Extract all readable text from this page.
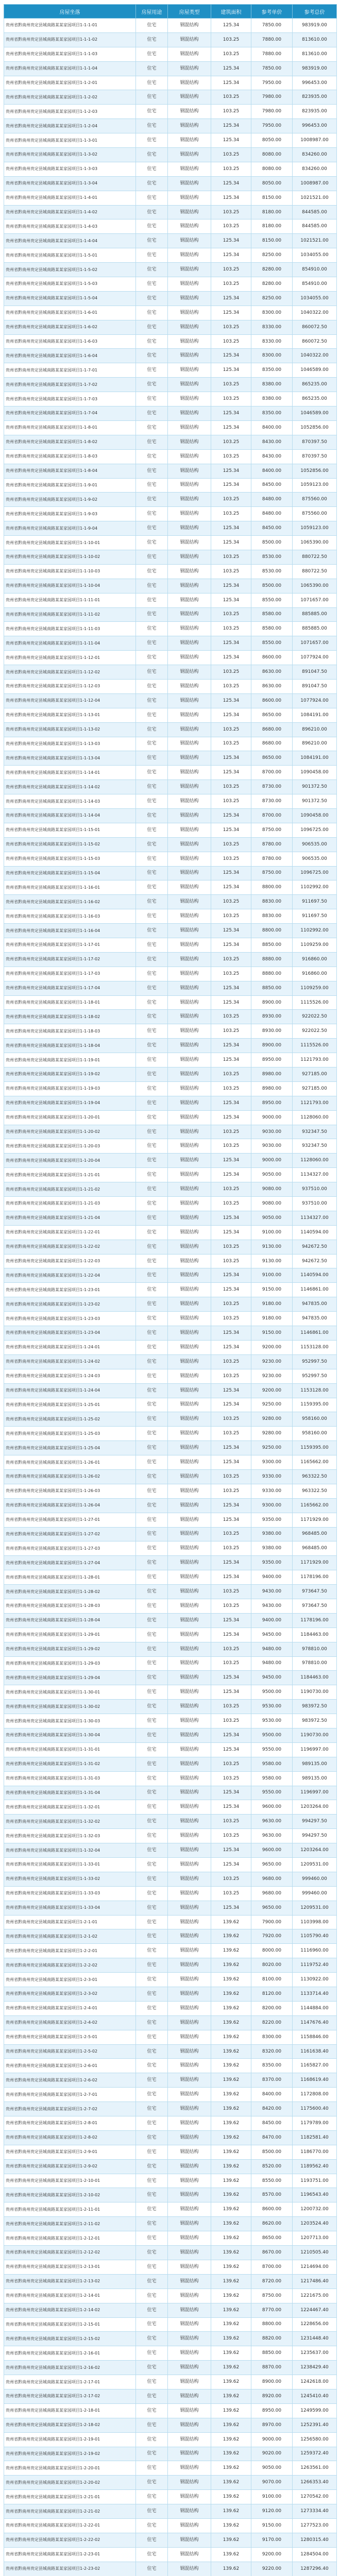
房屋坐落	房屋用途	房屋类型	建筑面积	参考单价	参考总价
贵州省黔南州贵定县城南路某某家园项目1-1-1-01	住宅	钢混结构	125.34	7850.00	983919.00
贵州省黔南州贵定县城南路某某家园项目1-1-1-02	住宅	钢混结构	103.25	7880.00	813610.00
贵州省黔南州贵定县城南路某某家园项目1-1-1-03	住宅	钢混结构	103.25	7880.00	813610.00
贵州省黔南州贵定县城南路某某家园项目1-1-1-04	住宅	钢混结构	125.34	7850.00	983919.00
贵州省黔南州贵定县城南路某某家园项目1-1-2-01	住宅	钢混结构	125.34	7950.00	996453.00
贵州省黔南州贵定县城南路某某家园项目1-1-2-02	住宅	钢混结构	103.25	7980.00	823935.00
贵州省黔南州贵定县城南路某某家园项目1-1-2-03	住宅	钢混结构	103.25	7980.00	823935.00
贵州省黔南州贵定县城南路某某家园项目1-1-2-04	住宅	钢混结构	125.34	7950.00	996453.00
贵州省黔南州贵定县城南路某某家园项目1-1-3-01	住宅	钢混结构	125.34	8050.00	1008987.00
贵州省黔南州贵定县城南路某某家园项目1-1-3-02	住宅	钢混结构	103.25	8080.00	834260.00
贵州省黔南州贵定县城南路某某家园项目1-1-3-03	住宅	钢混结构	103.25	8080.00	834260.00
贵州省黔南州贵定县城南路某某家园项目1-1-3-04	住宅	钢混结构	125.34	8050.00	1008987.00
贵州省黔南州贵定县城南路某某家园项目1-1-4-01	住宅	钢混结构	125.34	8150.00	1021521.00
贵州省黔南州贵定县城南路某某家园项目1-1-4-02	住宅	钢混结构	103.25	8180.00	844585.00
贵州省黔南州贵定县城南路某某家园项目1-1-4-03	住宅	钢混结构	103.25	8180.00	844585.00
贵州省黔南州贵定县城南路某某家园项目1-1-4-04	住宅	钢混结构	125.34	8150.00	1021521.00
贵州省黔南州贵定县城南路某某家园项目1-1-5-01	住宅	钢混结构	125.34	8250.00	1034055.00
贵州省黔南州贵定县城南路某某家园项目1-1-5-02	住宅	钢混结构	103.25	8280.00	854910.00
贵州省黔南州贵定县城南路某某家园项目1-1-5-03	住宅	钢混结构	103.25	8280.00	854910.00
贵州省黔南州贵定县城南路某某家园项目1-1-5-04	住宅	钢混结构	125.34	8250.00	1034055.00
贵州省黔南州贵定县城南路某某家园项目1-1-6-01	住宅	钢混结构	125.34	8300.00	1040322.00
贵州省黔南州贵定县城南路某某家园项目1-1-6-02	住宅	钢混结构	103.25	8330.00	860072.50
贵州省黔南州贵定县城南路某某家园项目1-1-6-03	住宅	钢混结构	103.25	8330.00	860072.50
贵州省黔南州贵定县城南路某某家园项目1-1-6-04	住宅	钢混结构	125.34	8300.00	1040322.00
贵州省黔南州贵定县城南路某某家园项目1-1-7-01	住宅	钢混结构	125.34	8350.00	1046589.00
贵州省黔南州贵定县城南路某某家园项目1-1-7-02	住宅	钢混结构	103.25	8380.00	865235.00
贵州省黔南州贵定县城南路某某家园项目1-1-7-03	住宅	钢混结构	103.25	8380.00	865235.00
贵州省黔南州贵定县城南路某某家园项目1-1-7-04	住宅	钢混结构	125.34	8350.00	1046589.00
贵州省黔南州贵定县城南路某某家园项目1-1-8-01	住宅	钢混结构	125.34	8400.00	1052856.00
贵州省黔南州贵定县城南路某某家园项目1-1-8-02	住宅	钢混结构	103.25	8430.00	870397.50
贵州省黔南州贵定县城南路某某家园项目1-1-8-03	住宅	钢混结构	103.25	8430.00	870397.50
贵州省黔南州贵定县城南路某某家园项目1-1-8-04	住宅	钢混结构	125.34	8400.00	1052856.00
贵州省黔南州贵定县城南路某某家园项目1-1-9-01	住宅	钢混结构	125.34	8450.00	1059123.00
贵州省黔南州贵定县城南路某某家园项目1-1-9-02	住宅	钢混结构	103.25	8480.00	875560.00
贵州省黔南州贵定县城南路某某家园项目1-1-9-03	住宅	钢混结构	103.25	8480.00	875560.00
贵州省黔南州贵定县城南路某某家园项目1-1-9-04	住宅	钢混结构	125.34	8450.00	1059123.00
贵州省黔南州贵定县城南路某某家园项目1-1-10-01	住宅	钢混结构	125.34	8500.00	1065390.00
贵州省黔南州贵定县城南路某某家园项目1-1-10-02	住宅	钢混结构	103.25	8530.00	880722.50
贵州省黔南州贵定县城南路某某家园项目1-1-10-03	住宅	钢混结构	103.25	8530.00	880722.50
贵州省黔南州贵定县城南路某某家园项目1-1-10-04	住宅	钢混结构	125.34	8500.00	1065390.00
贵州省黔南州贵定县城南路某某家园项目1-1-11-01	住宅	钢混结构	125.34	8550.00	1071657.00
贵州省黔南州贵定县城南路某某家园项目1-1-11-02	住宅	钢混结构	103.25	8580.00	885885.00
贵州省黔南州贵定县城南路某某家园项目1-1-11-03	住宅	钢混结构	103.25	8580.00	885885.00
贵州省黔南州贵定县城南路某某家园项目1-1-11-04	住宅	钢混结构	125.34	8550.00	1071657.00
贵州省黔南州贵定县城南路某某家园项目1-1-12-01	住宅	钢混结构	125.34	8600.00	1077924.00
贵州省黔南州贵定县城南路某某家园项目1-1-12-02	住宅	钢混结构	103.25	8630.00	891047.50
贵州省黔南州贵定县城南路某某家园项目1-1-12-03	住宅	钢混结构	103.25	8630.00	891047.50
贵州省黔南州贵定县城南路某某家园项目1-1-12-04	住宅	钢混结构	125.34	8600.00	1077924.00
贵州省黔南州贵定县城南路某某家园项目1-1-13-01	住宅	钢混结构	125.34	8650.00	1084191.00
贵州省黔南州贵定县城南路某某家园项目1-1-13-02	住宅	钢混结构	103.25	8680.00	896210.00
贵州省黔南州贵定县城南路某某家园项目1-1-13-03	住宅	钢混结构	103.25	8680.00	896210.00
贵州省黔南州贵定县城南路某某家园项目1-1-13-04	住宅	钢混结构	125.34	8650.00	1084191.00
贵州省黔南州贵定县城南路某某家园项目1-1-14-01	住宅	钢混结构	125.34	8700.00	1090458.00
贵州省黔南州贵定县城南路某某家园项目1-1-14-02	住宅	钢混结构	103.25	8730.00	901372.50
贵州省黔南州贵定县城南路某某家园项目1-1-14-03	住宅	钢混结构	103.25	8730.00	901372.50
贵州省黔南州贵定县城南路某某家园项目1-1-14-04	住宅	钢混结构	125.34	8700.00	1090458.00
贵州省黔南州贵定县城南路某某家园项目1-1-15-01	住宅	钢混结构	125.34	8750.00	1096725.00
贵州省黔南州贵定县城南路某某家园项目1-1-15-02	住宅	钢混结构	103.25	8780.00	906535.00
贵州省黔南州贵定县城南路某某家园项目1-1-15-03	住宅	钢混结构	103.25	8780.00	906535.00
贵州省黔南州贵定县城南路某某家园项目1-1-15-04	住宅	钢混结构	125.34	8750.00	1096725.00
贵州省黔南州贵定县城南路某某家园项目1-1-16-01	住宅	钢混结构	125.34	8800.00	1102992.00
贵州省黔南州贵定县城南路某某家园项目1-1-16-02	住宅	钢混结构	103.25	8830.00	911697.50
贵州省黔南州贵定县城南路某某家园项目1-1-16-03	住宅	钢混结构	103.25	8830.00	911697.50
贵州省黔南州贵定县城南路某某家园项目1-1-16-04	住宅	钢混结构	125.34	8800.00	1102992.00
贵州省黔南州贵定县城南路某某家园项目1-1-17-01	住宅	钢混结构	125.34	8850.00	1109259.00
贵州省黔南州贵定县城南路某某家园项目1-1-17-02	住宅	钢混结构	103.25	8880.00	916860.00
贵州省黔南州贵定县城南路某某家园项目1-1-17-03	住宅	钢混结构	103.25	8880.00	916860.00
贵州省黔南州贵定县城南路某某家园项目1-1-17-04	住宅	钢混结构	125.34	8850.00	1109259.00
贵州省黔南州贵定县城南路某某家园项目1-1-18-01	住宅	钢混结构	125.34	8900.00	1115526.00
贵州省黔南州贵定县城南路某某家园项目1-1-18-02	住宅	钢混结构	103.25	8930.00	922022.50
贵州省黔南州贵定县城南路某某家园项目1-1-18-03	住宅	钢混结构	103.25	8930.00	922022.50
贵州省黔南州贵定县城南路某某家园项目1-1-18-04	住宅	钢混结构	125.34	8900.00	1115526.00
贵州省黔南州贵定县城南路某某家园项目1-1-19-01	住宅	钢混结构	125.34	8950.00	1121793.00
贵州省黔南州贵定县城南路某某家园项目1-1-19-02	住宅	钢混结构	103.25	8980.00	927185.00
贵州省黔南州贵定县城南路某某家园项目1-1-19-03	住宅	钢混结构	103.25	8980.00	927185.00
贵州省黔南州贵定县城南路某某家园项目1-1-19-04	住宅	钢混结构	125.34	8950.00	1121793.00
贵州省黔南州贵定县城南路某某家园项目1-1-20-01	住宅	钢混结构	125.34	9000.00	1128060.00
贵州省黔南州贵定县城南路某某家园项目1-1-20-02	住宅	钢混结构	103.25	9030.00	932347.50
贵州省黔南州贵定县城南路某某家园项目1-1-20-03	住宅	钢混结构	103.25	9030.00	932347.50
贵州省黔南州贵定县城南路某某家园项目1-1-20-04	住宅	钢混结构	125.34	9000.00	1128060.00
贵州省黔南州贵定县城南路某某家园项目1-1-21-01	住宅	钢混结构	125.34	9050.00	1134327.00
贵州省黔南州贵定县城南路某某家园项目1-1-21-02	住宅	钢混结构	103.25	9080.00	937510.00
贵州省黔南州贵定县城南路某某家园项目1-1-21-03	住宅	钢混结构	103.25	9080.00	937510.00
贵州省黔南州贵定县城南路某某家园项目1-1-21-04	住宅	钢混结构	125.34	9050.00	1134327.00
贵州省黔南州贵定县城南路某某家园项目1-1-22-01	住宅	钢混结构	125.34	9100.00	1140594.00
贵州省黔南州贵定县城南路某某家园项目1-1-22-02	住宅	钢混结构	103.25	9130.00	942672.50
贵州省黔南州贵定县城南路某某家园项目1-1-22-03	住宅	钢混结构	103.25	9130.00	942672.50
贵州省黔南州贵定县城南路某某家园项目1-1-22-04	住宅	钢混结构	125.34	9100.00	1140594.00
贵州省黔南州贵定县城南路某某家园项目1-1-23-01	住宅	钢混结构	125.34	9150.00	1146861.00
贵州省黔南州贵定县城南路某某家园项目1-1-23-02	住宅	钢混结构	103.25	9180.00	947835.00
贵州省黔南州贵定县城南路某某家园项目1-1-23-03	住宅	钢混结构	103.25	9180.00	947835.00
贵州省黔南州贵定县城南路某某家园项目1-1-23-04	住宅	钢混结构	125.34	9150.00	1146861.00
贵州省黔南州贵定县城南路某某家园项目1-1-24-01	住宅	钢混结构	125.34	9200.00	1153128.00
贵州省黔南州贵定县城南路某某家园项目1-1-24-02	住宅	钢混结构	103.25	9230.00	952997.50
贵州省黔南州贵定县城南路某某家园项目1-1-24-03	住宅	钢混结构	103.25	9230.00	952997.50
贵州省黔南州贵定县城南路某某家园项目1-1-24-04	住宅	钢混结构	125.34	9200.00	1153128.00
贵州省黔南州贵定县城南路某某家园项目1-1-25-01	住宅	钢混结构	125.34	9250.00	1159395.00
贵州省黔南州贵定县城南路某某家园项目1-1-25-02	住宅	钢混结构	103.25	9280.00	958160.00
贵州省黔南州贵定县城南路某某家园项目1-1-25-03	住宅	钢混结构	103.25	9280.00	958160.00
贵州省黔南州贵定县城南路某某家园项目1-1-25-04	住宅	钢混结构	125.34	9250.00	1159395.00
贵州省黔南州贵定县城南路某某家园项目1-1-26-01	住宅	钢混结构	125.34	9300.00	1165662.00
贵州省黔南州贵定县城南路某某家园项目1-1-26-02	住宅	钢混结构	103.25	9330.00	963322.50
贵州省黔南州贵定县城南路某某家园项目1-1-26-03	住宅	钢混结构	103.25	9330.00	963322.50
贵州省黔南州贵定县城南路某某家园项目1-1-26-04	住宅	钢混结构	125.34	9300.00	1165662.00
贵州省黔南州贵定县城南路某某家园项目1-1-27-01	住宅	钢混结构	125.34	9350.00	1171929.00
贵州省黔南州贵定县城南路某某家园项目1-1-27-02	住宅	钢混结构	103.25	9380.00	968485.00
贵州省黔南州贵定县城南路某某家园项目1-1-27-03	住宅	钢混结构	103.25	9380.00	968485.00
贵州省黔南州贵定县城南路某某家园项目1-1-27-04	住宅	钢混结构	125.34	9350.00	1171929.00
贵州省黔南州贵定县城南路某某家园项目1-1-28-01	住宅	钢混结构	125.34	9400.00	1178196.00
贵州省黔南州贵定县城南路某某家园项目1-1-28-02	住宅	钢混结构	103.25	9430.00	973647.50
贵州省黔南州贵定县城南路某某家园项目1-1-28-03	住宅	钢混结构	103.25	9430.00	973647.50
贵州省黔南州贵定县城南路某某家园项目1-1-28-04	住宅	钢混结构	125.34	9400.00	1178196.00
贵州省黔南州贵定县城南路某某家园项目1-1-29-01	住宅	钢混结构	125.34	9450.00	1184463.00
贵州省黔南州贵定县城南路某某家园项目1-1-29-02	住宅	钢混结构	103.25	9480.00	978810.00
贵州省黔南州贵定县城南路某某家园项目1-1-29-03	住宅	钢混结构	103.25	9480.00	978810.00
贵州省黔南州贵定县城南路某某家园项目1-1-29-04	住宅	钢混结构	125.34	9450.00	1184463.00
贵州省黔南州贵定县城南路某某家园项目1-1-30-01	住宅	钢混结构	125.34	9500.00	1190730.00
贵州省黔南州贵定县城南路某某家园项目1-1-30-02	住宅	钢混结构	103.25	9530.00	983972.50
贵州省黔南州贵定县城南路某某家园项目1-1-30-03	住宅	钢混结构	103.25	9530.00	983972.50
贵州省黔南州贵定县城南路某某家园项目1-1-30-04	住宅	钢混结构	125.34	9500.00	1190730.00
贵州省黔南州贵定县城南路某某家园项目1-1-31-01	住宅	钢混结构	125.34	9550.00	1196997.00
贵州省黔南州贵定县城南路某某家园项目1-1-31-02	住宅	钢混结构	103.25	9580.00	989135.00
贵州省黔南州贵定县城南路某某家园项目1-1-31-03	住宅	钢混结构	103.25	9580.00	989135.00
贵州省黔南州贵定县城南路某某家园项目1-1-31-04	住宅	钢混结构	125.34	9550.00	1196997.00
贵州省黔南州贵定县城南路某某家园项目1-1-32-01	住宅	钢混结构	125.34	9600.00	1203264.00
贵州省黔南州贵定县城南路某某家园项目1-1-32-02	住宅	钢混结构	103.25	9630.00	994297.50
贵州省黔南州贵定县城南路某某家园项目1-1-32-03	住宅	钢混结构	103.25	9630.00	994297.50
贵州省黔南州贵定县城南路某某家园项目1-1-32-04	住宅	钢混结构	125.34	9600.00	1203264.00
贵州省黔南州贵定县城南路某某家园项目1-1-33-01	住宅	钢混结构	125.34	9650.00	1209531.00
贵州省黔南州贵定县城南路某某家园项目1-1-33-02	住宅	钢混结构	103.25	9680.00	999460.00
贵州省黔南州贵定县城南路某某家园项目1-1-33-03	住宅	钢混结构	103.25	9680.00	999460.00
贵州省黔南州贵定县城南路某某家园项目1-1-33-04	住宅	钢混结构	125.34	9650.00	1209531.00
贵州省黔南州贵定县城南路某某家园项目1-2-1-01	住宅	钢混结构	139.62	7900.00	1103998.00
贵州省黔南州贵定县城南路某某家园项目1-2-1-02	住宅	钢混结构	139.62	7920.00	1105790.40
贵州省黔南州贵定县城南路某某家园项目1-2-2-01	住宅	钢混结构	139.62	8000.00	1116960.00
贵州省黔南州贵定县城南路某某家园项目1-2-2-02	住宅	钢混结构	139.62	8020.00	1119752.40
贵州省黔南州贵定县城南路某某家园项目1-2-3-01	住宅	钢混结构	139.62	8100.00	1130922.00
贵州省黔南州贵定县城南路某某家园项目1-2-3-02	住宅	钢混结构	139.62	8120.00	1133714.40
贵州省黔南州贵定县城南路某某家园项目1-2-4-01	住宅	钢混结构	139.62	8200.00	1144884.00
贵州省黔南州贵定县城南路某某家园项目1-2-4-02	住宅	钢混结构	139.62	8220.00	1147676.40
贵州省黔南州贵定县城南路某某家园项目1-2-5-01	住宅	钢混结构	139.62	8300.00	1158846.00
贵州省黔南州贵定县城南路某某家园项目1-2-5-02	住宅	钢混结构	139.62	8320.00	1161638.40
贵州省黔南州贵定县城南路某某家园项目1-2-6-01	住宅	钢混结构	139.62	8350.00	1165827.00
贵州省黔南州贵定县城南路某某家园项目1-2-6-02	住宅	钢混结构	139.62	8370.00	1168619.40
贵州省黔南州贵定县城南路某某家园项目1-2-7-01	住宅	钢混结构	139.62	8400.00	1172808.00
贵州省黔南州贵定县城南路某某家园项目1-2-7-02	住宅	钢混结构	139.62	8420.00	1175600.40
贵州省黔南州贵定县城南路某某家园项目1-2-8-01	住宅	钢混结构	139.62	8450.00	1179789.00
贵州省黔南州贵定县城南路某某家园项目1-2-8-02	住宅	钢混结构	139.62	8470.00	1182581.40
贵州省黔南州贵定县城南路某某家园项目1-2-9-01	住宅	钢混结构	139.62	8500.00	1186770.00
贵州省黔南州贵定县城南路某某家园项目1-2-9-02	住宅	钢混结构	139.62	8520.00	1189562.40
贵州省黔南州贵定县城南路某某家园项目1-2-10-01	住宅	钢混结构	139.62	8550.00	1193751.00
贵州省黔南州贵定县城南路某某家园项目1-2-10-02	住宅	钢混结构	139.62	8570.00	1196543.40
贵州省黔南州贵定县城南路某某家园项目1-2-11-01	住宅	钢混结构	139.62	8600.00	1200732.00
贵州省黔南州贵定县城南路某某家园项目1-2-11-02	住宅	钢混结构	139.62	8620.00	1203524.40
贵州省黔南州贵定县城南路某某家园项目1-2-12-01	住宅	钢混结构	139.62	8650.00	1207713.00
贵州省黔南州贵定县城南路某某家园项目1-2-12-02	住宅	钢混结构	139.62	8670.00	1210505.40
贵州省黔南州贵定县城南路某某家园项目1-2-13-01	住宅	钢混结构	139.62	8700.00	1214694.00
贵州省黔南州贵定县城南路某某家园项目1-2-13-02	住宅	钢混结构	139.62	8720.00	1217486.40
贵州省黔南州贵定县城南路某某家园项目1-2-14-01	住宅	钢混结构	139.62	8750.00	1221675.00
贵州省黔南州贵定县城南路某某家园项目1-2-14-02	住宅	钢混结构	139.62	8770.00	1224467.40
贵州省黔南州贵定县城南路某某家园项目1-2-15-01	住宅	钢混结构	139.62	8800.00	1228656.00
贵州省黔南州贵定县城南路某某家园项目1-2-15-02	住宅	钢混结构	139.62	8820.00	1231448.40
贵州省黔南州贵定县城南路某某家园项目1-2-16-01	住宅	钢混结构	139.62	8850.00	1235637.00
贵州省黔南州贵定县城南路某某家园项目1-2-16-02	住宅	钢混结构	139.62	8870.00	1238429.40
贵州省黔南州贵定县城南路某某家园项目1-2-17-01	住宅	钢混结构	139.62	8900.00	1242618.00
贵州省黔南州贵定县城南路某某家园项目1-2-17-02	住宅	钢混结构	139.62	8920.00	1245410.40
贵州省黔南州贵定县城南路某某家园项目1-2-18-01	住宅	钢混结构	139.62	8950.00	1249599.00
贵州省黔南州贵定县城南路某某家园项目1-2-18-02	住宅	钢混结构	139.62	8970.00	1252391.40
贵州省黔南州贵定县城南路某某家园项目1-2-19-01	住宅	钢混结构	139.62	9000.00	1256580.00
贵州省黔南州贵定县城南路某某家园项目1-2-19-02	住宅	钢混结构	139.62	9020.00	1259372.40
贵州省黔南州贵定县城南路某某家园项目1-2-20-01	住宅	钢混结构	139.62	9050.00	1263561.00
贵州省黔南州贵定县城南路某某家园项目1-2-20-02	住宅	钢混结构	139.62	9070.00	1266353.40
贵州省黔南州贵定县城南路某某家园项目1-2-21-01	住宅	钢混结构	139.62	9100.00	1270542.00
贵州省黔南州贵定县城南路某某家园项目1-2-21-02	住宅	钢混结构	139.62	9120.00	1273334.40
贵州省黔南州贵定县城南路某某家园项目1-2-22-01	住宅	钢混结构	139.62	9150.00	1277523.00
贵州省黔南州贵定县城南路某某家园项目1-2-22-02	住宅	钢混结构	139.62	9170.00	1280315.40
贵州省黔南州贵定县城南路某某家园项目1-2-23-01	住宅	钢混结构	139.62	9200.00	1284504.00
贵州省黔南州贵定县城南路某某家园项目1-2-23-02	住宅	钢混结构	139.62	9220.00	1287296.40
